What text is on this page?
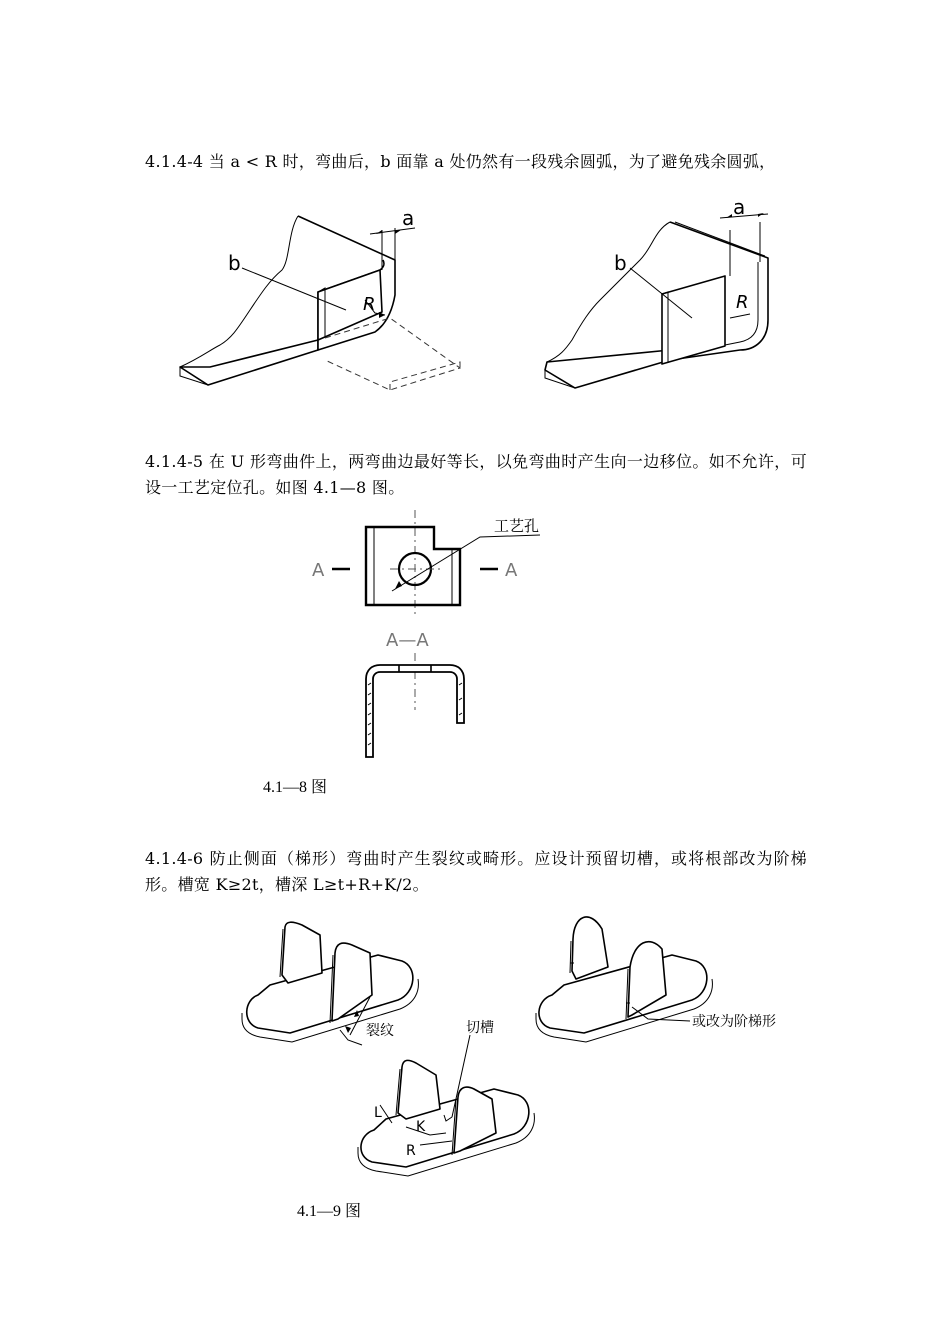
4.1.4-4 当 a < R 时，弯曲后，b 面靠 a 处仍然有一段残余圆弧，为了避免残余圆弧，
a
b
R
a
b
R
4.1.4-5 在 U 形弯曲件上，两弯曲边最好等长，以免弯曲时产生向一边移位。如不允许，可设一工艺定位孔。如图 4.1—8 图。
工艺孔
A	A
A—A
4.1—8 图
4.1.4-6 防止侧面（梯形）弯曲时产生裂纹或畸形。应设计预留切槽，或将根部改为阶梯形。槽宽 K≥2t，槽深 L≥t+R+K/2。
裂纹
或改为阶梯形
切槽
L
K
R
4.1—9 图
